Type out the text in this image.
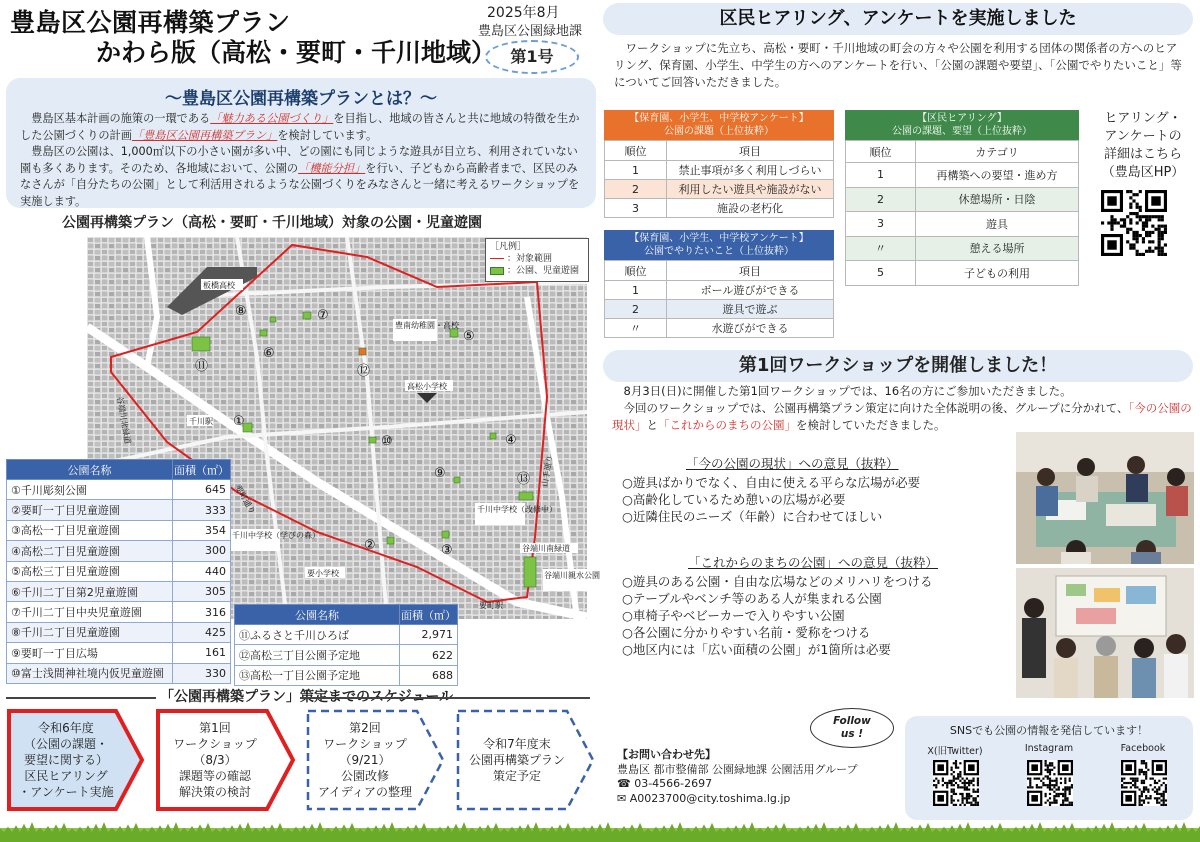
豊島区公園再構築プラン
かわら版（高松・要町・千川地域）
2025年8月
豊島区公園緑地課
第1号
～豊島区公園再構築プランとは？～

豊島区基本計画の施策の一環である「魅力ある公園づくり」を目指し、地域の皆さんと共に地域の特徴を生かした公園づくりの計画「豊島区公園再構築プラン」を検討しています。

豊島区の公園は、1,000㎡以下の小さい園が多い中、どの園にも同じような遊具が目立ち、利用されていない園も多くあります。そのため、各地域において、公園の「機能分担」を行い、子どもから高齢者まで、区民のみなさんが「自分たちの公園」として利活用されるような公園づくりをみなさんと一緒に考えるワークショップを実施します。

公園再構築プラン（高松・要町・千川地域）対象の公園・児童遊園
①
②	③
④
⑤
⑥
⑦
⑧
⑨
⑩
⑪	⑫
⑬
板橋高校
豊南幼稚園・高校
高松小学校
千川駅
千川中学校（改修中）
千川中学校（学びの森）
要小学校
要町駅
要町通り
谷端川南緑道
谷端川親水公園
谷端川北緑道
山手通り
［凡例］
：対象範囲
：公園、児童遊園
公園名称	面積（㎡）
①千川彫刻公園	645
②要町一丁目児童遊園	333
③高松一丁目児童遊園	354
④高松二丁目児童遊園	300
⑤高松三丁目児童遊園	440
⑥千川二丁目第2児童遊園	305
⑦千川二丁目中央児童遊園	316
⑧千川二丁目児童遊園	425
⑨要町一丁目広場	161
⑩富士浅間神社境内仮児童遊園	330
公園名称	面積（㎡）
⑪ふるさと千川ひろば	2,971
⑫高松三丁目公園予定地	622
⑬高松一丁目公園予定地	688
「公園再構築プラン」策定までのスケジュール
令和6年度
（公園の課題・
要望に関する）
区民ヒアリング
・アンケート実施
第1回
ワークショップ
（8/3）
課題等の確認
解決策の検討
第2回
ワークショップ
（9/21）
公園改修
アイディアの整理
令和7年度末
公園再構築プラン
策定予定
区民ヒアリング、アンケートを実施しました
ワークショップに先立ち、高松・要町・千川地域の町会の方々や公園を利用する団体の関係者の方へのヒアリング、保育園、小学生、中学生の方へのアンケートを行い、「公園の課題や要望」、「公園でやりたいこと」等についてご回答いただきました。
【保育園、小学生、中学校アンケート】
公園の課題（上位抜粋）
順位	項目
1	禁止事項が多く利用しづらい
2	利用したい遊具や施設がない
3	施設の老朽化
【保育園、小学生、中学校アンケート】
公園でやりたいこと（上位抜粋）
順位	項目
1	ボール遊びができる
2	遊具で遊ぶ
〃	水遊びができる
【区民ヒアリング】
公園の課題、要望（上位抜粋）
順位	カテゴリ
1	再構築への要望・進め方
2	休憩場所・日陰
3	遊具
〃	憩える場所
5	子どもの利用
ヒアリング・
アンケートの
詳細はこちら
（豊島区HP）
第1回ワークショップを開催しました！

8月3日(日)に開催した第1回ワークショップでは、16名の方にご参加いただきました。

今回のワークショップでは、公園再構築プラン策定に向けた全体説明の後、グループに分かれて、「今の公園の現状」と「これからのまちの公園」を検討していただきました。

「今の公園の現状」への意見（抜粋）
○遊具ばかりでなく、自由に使える平らな広場が必要
○高齢化しているため憩いの広場が必要
○近隣住民のニーズ（年齢）に合わせてほしい
「これからのまちの公園」への意見（抜粋）
○遊具のある公園・自由な広場などのメリハリをつける
○テーブルやベンチ等のある人が集まれる公園
○車椅子やベビーカーで入りやすい公園
○各公園に分かりやすい名前・愛称をつける
○地区内には「広い面積の公園」が1箇所は必要
【お問い合わせ先】
豊島区 都市整備部 公園緑地課 公園活用グループ
☎ 03-4566-2697
✉ A0023700@city.toshima.lg.jp
SNSでも公園の情報を発信しています！
X(旧Twitter)	Instagram	Facebook
Follow
us !
